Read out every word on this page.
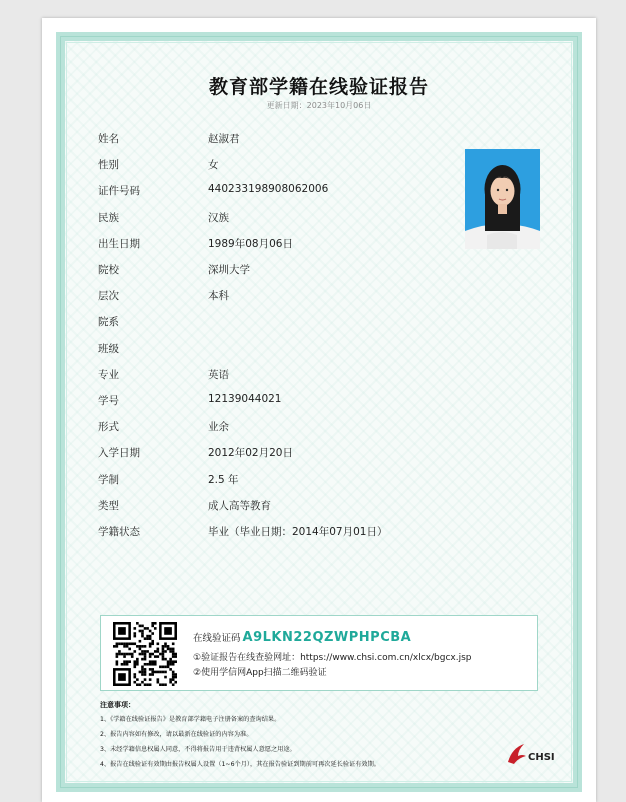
教育部学籍在线验证报告
更新日期：2023年10月06日
在线验证码 A9LKN22QZWPHPCBA
①验证报告在线查验网址：https://www.chsi.com.cn/xlcx/bgcx.jsp
②使用学信网App扫描二维码验证
注意事项：
1、《学籍在线验证报告》是教育部学籍电子注册备案的查询结果。
2、报告内容如有修改，请以最新在线验证的内容为准。
3、未经学籍信息权属人同意，不得将报告用于违背权属人意愿之用途。
4、报告在线验证有效期由报告权属人设置（1~6个月），其在报告验证到期前可再次延长验证有效期。
CHSI
姓名	赵淑君
性别	女
证件号码	440233198908062006
民族	汉族
出生日期	1989年08月06日
院校	深圳大学
层次	本科
院系
班级
专业	英语
学号	12139044021
形式	业余
入学日期	2012年02月20日
学制	2.5 年
类型	成人高等教育
学籍状态	毕业（毕业日期：2014年07月01日）
